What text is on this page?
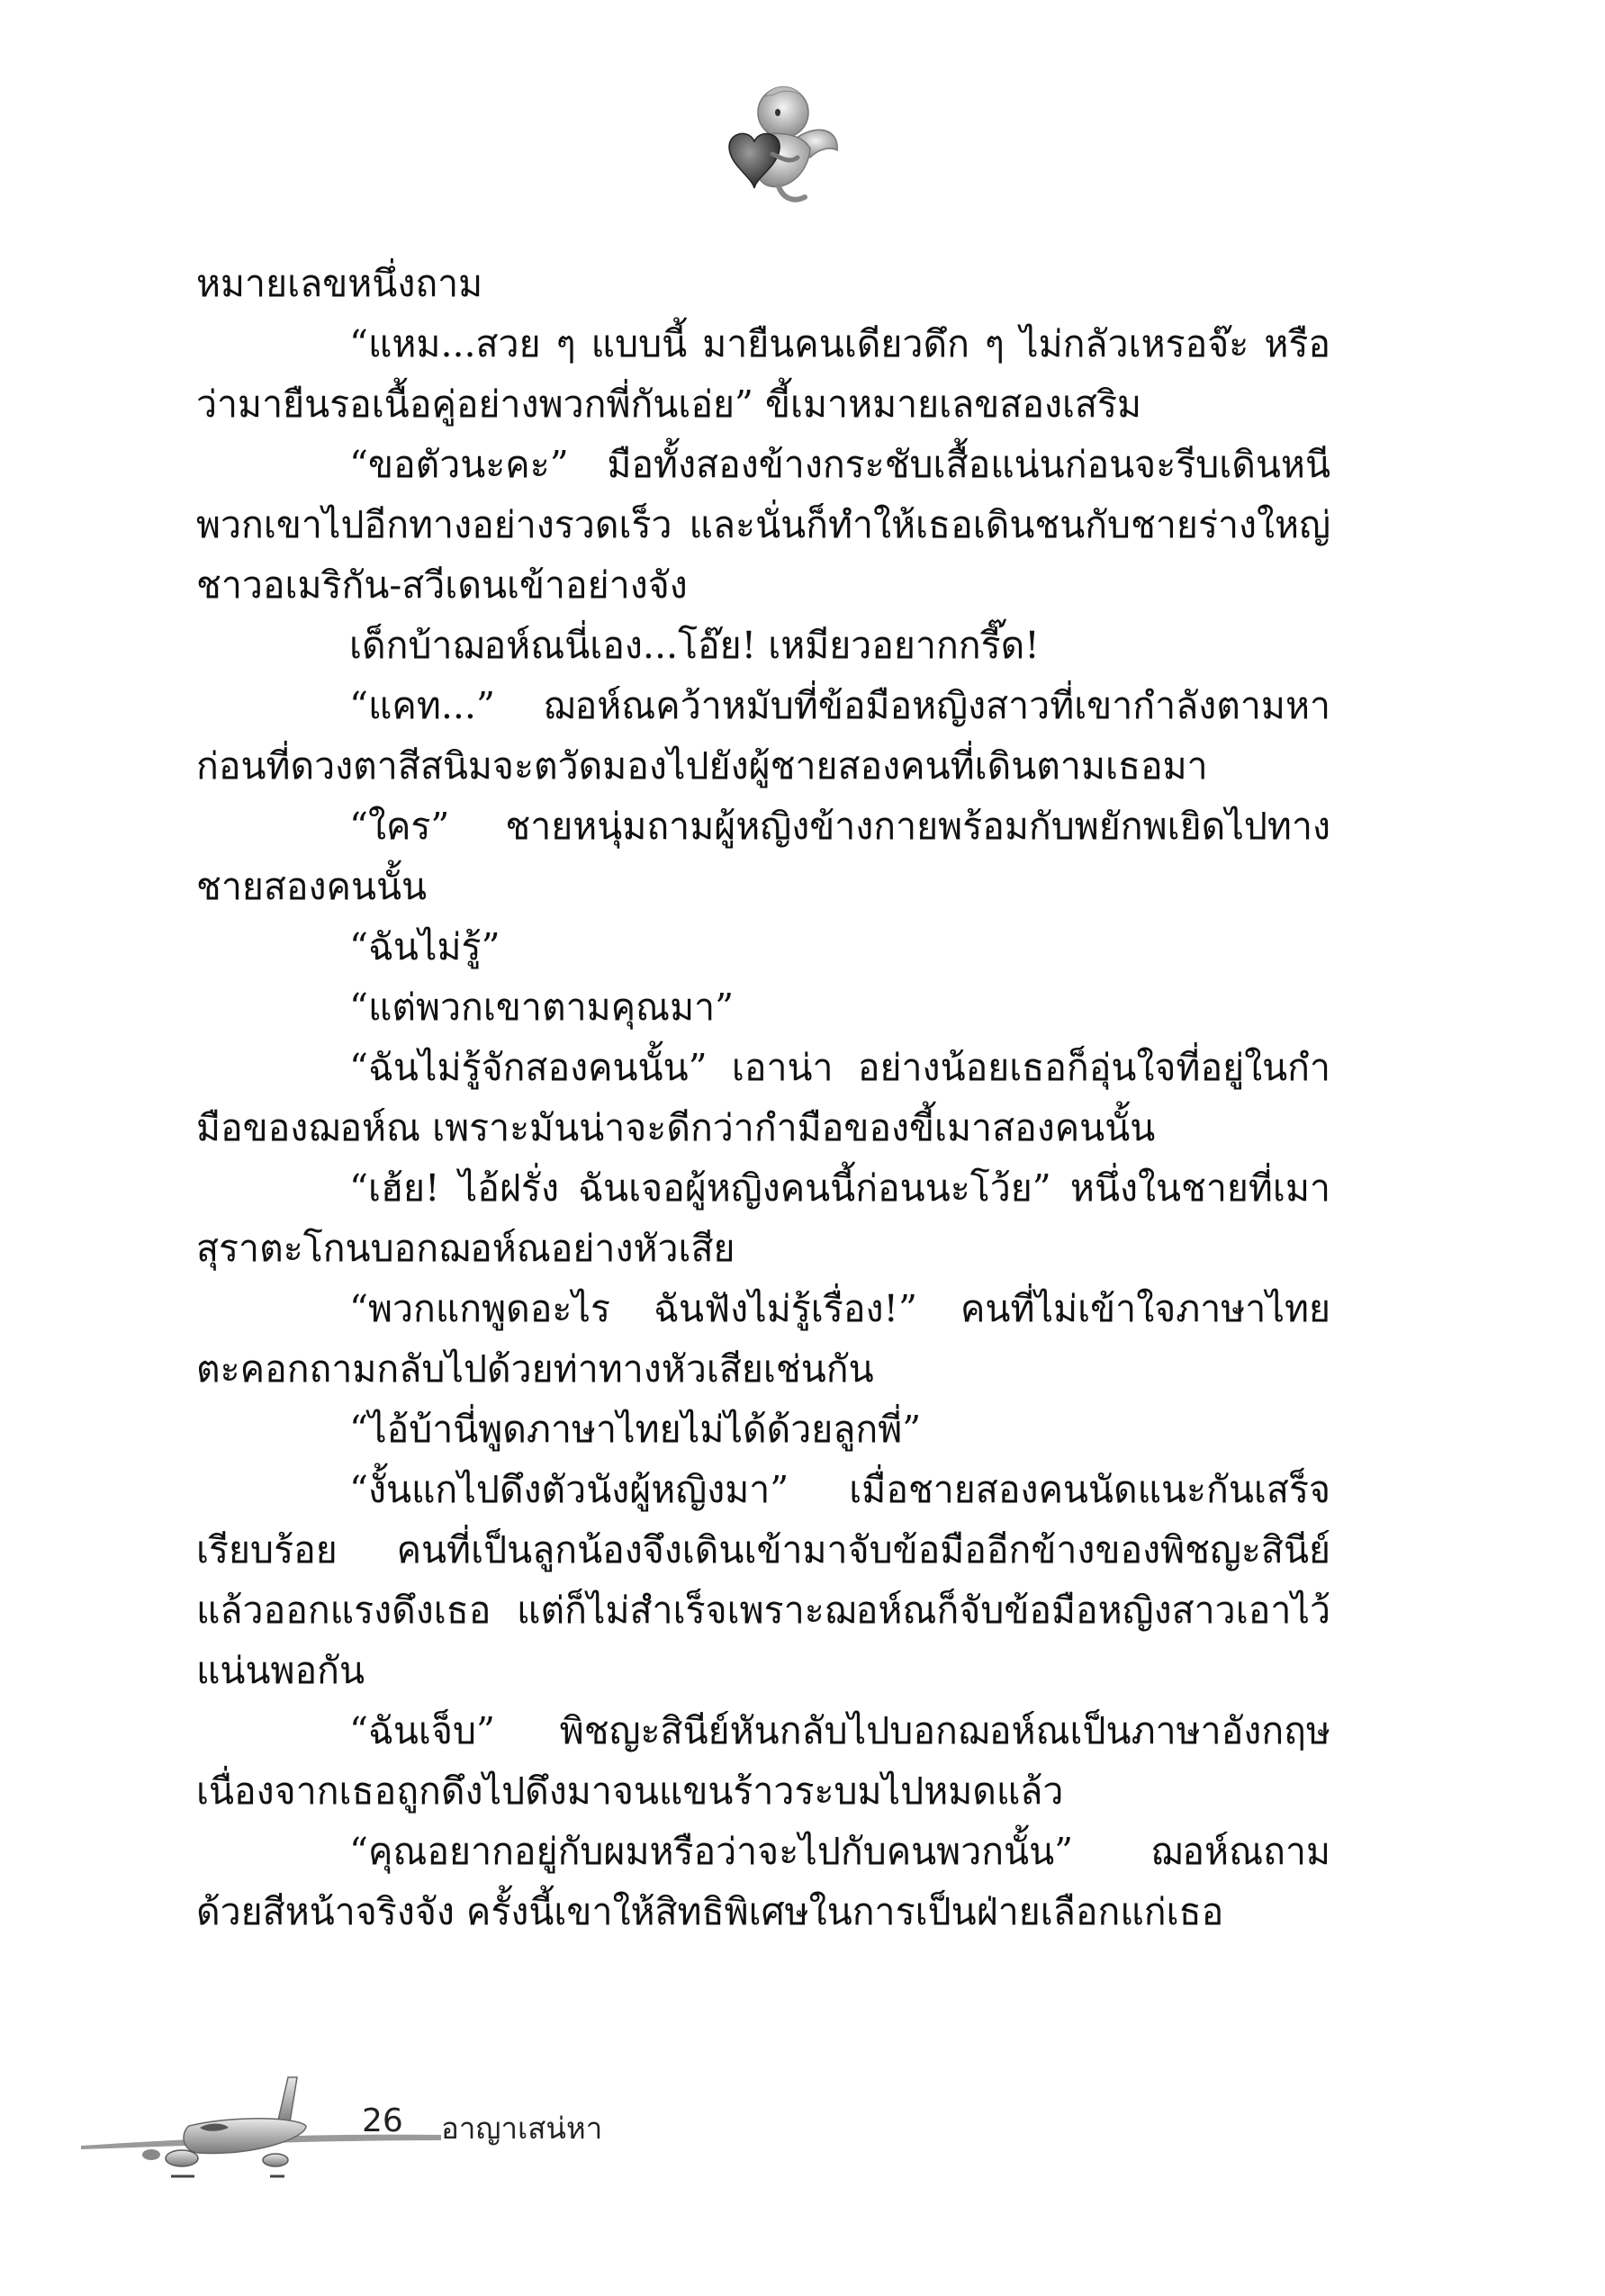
หมายเลขหนึ่งถาม

“แหม...สวย ๆ แบบนี้ มายืนคนเดียวดึก ๆ ไม่กลัวเหรอจ๊ะ หรือว่ามายืนรอเนื้อคู่อย่างพวกพี่กันเอ่ย” ขี้เมาหมายเลขสองเสริม

“ขอตัวนะคะ” มือทั้งสองข้างกระชับเสื้อแน่นก่อนจะรีบเดินหนีพวกเขาไปอีกทางอย่างรวดเร็ว และนั่นก็ทำให้เธอเดินชนกับชายร่างใหญ่ชาวอเมริกัน-สวีเดนเข้าอย่างจัง

เด็กบ้าฌอห์ณนี่เอง...โอ๊ย! เหมียวอยากกรี๊ด!

“แคท...” ฌอห์ณคว้าหมับที่ข้อมือหญิงสาวที่เขากำลังตามหาก่อนที่ดวงตาสีสนิมจะตวัดมองไปยังผู้ชายสองคนที่เดินตามเธอมา

“ใคร” ชายหนุ่มถามผู้หญิงข้างกายพร้อมกับพยักพเยิดไปทางชายสองคนนั้น

“ฉันไม่รู้”

“แต่พวกเขาตามคุณมา”

“ฉันไม่รู้จักสองคนนั้น” เอาน่า อย่างน้อยเธอก็อุ่นใจที่อยู่ในกำมือของฌอห์ณ เพราะมันน่าจะดีกว่ากำมือของขี้เมาสองคนนั้น

“เฮ้ย! ไอ้ฝรั่ง ฉันเจอผู้หญิงคนนี้ก่อนนะโว้ย” หนึ่งในชายที่เมาสุราตะโกนบอกฌอห์ณอย่างหัวเสีย

“พวกแกพูดอะไร ฉันฟังไม่รู้เรื่อง!” คนที่ไม่เข้าใจภาษาไทยตะคอกถามกลับไปด้วยท่าทางหัวเสียเช่นกัน

“ไอ้บ้านี่พูดภาษาไทยไม่ได้ด้วยลูกพี่”

“งั้นแกไปดึงตัวนังผู้หญิงมา” เมื่อชายสองคนนัดแนะกันเสร็จเรียบร้อย คนที่เป็นลูกน้องจึงเดินเข้ามาจับข้อมืออีกข้างของพิชญะสินีย์แล้วออกแรงดึงเธอ แต่ก็ไม่สำเร็จเพราะฌอห์ณก็จับข้อมือหญิงสาวเอาไว้แน่นพอกัน

“ฉันเจ็บ” พิชญะสินีย์หันกลับไปบอกฌอห์ณเป็นภาษาอังกฤษเนื่องจากเธอถูกดึงไปดึงมาจนแขนร้าวระบมไปหมดแล้ว

“คุณอยากอยู่กับผมหรือว่าจะไปกับคนพวกนั้น” ฌอห์ณถามด้วยสีหน้าจริงจัง ครั้งนี้เขาให้สิทธิพิเศษในการเป็นฝ่ายเลือกแก่เธอ

26 อาญาเสน่หา
